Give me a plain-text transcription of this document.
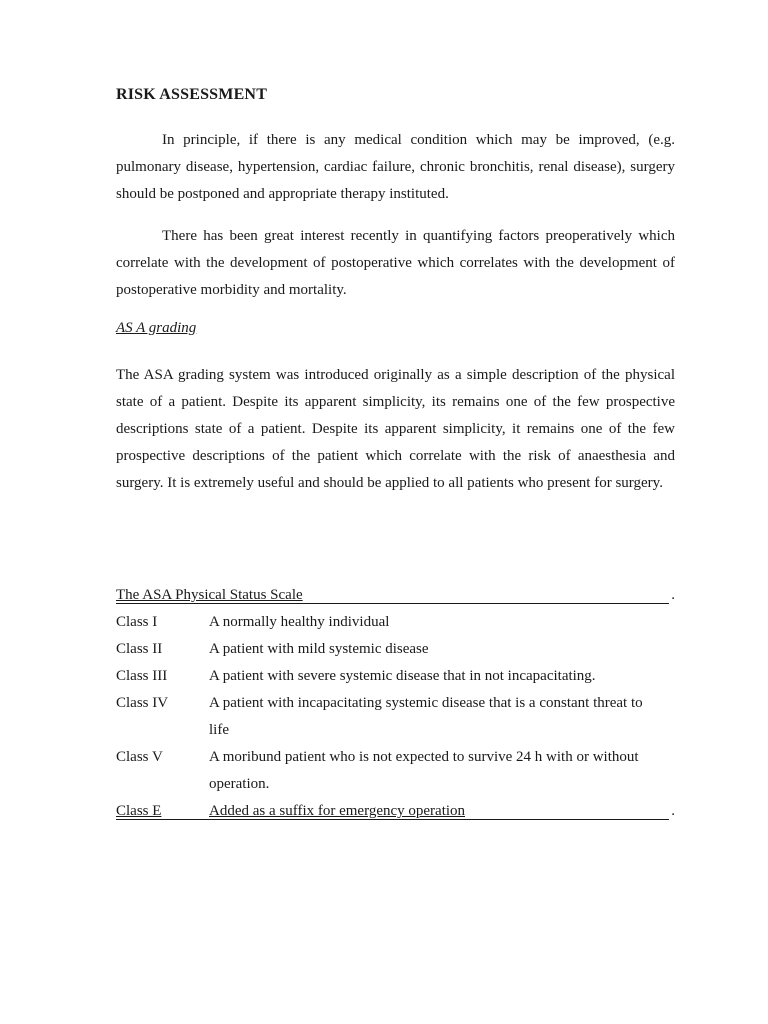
RISK ASSESSMENT

In principle, if there is any medical condition which may be improved, (e.g. pulmonary disease, hypertension, cardiac failure, chronic bronchitis, renal disease), surgery should be postponed and appropriate therapy instituted.

There has been great interest recently in quantifying factors preoperatively which correlate with the development of postoperative which correlates with the development of postoperative morbidity and mortality.

AS A grading

The ASA grading system was introduced originally as a simple description of the physical state of a patient. Despite its apparent simplicity, its remains one of the few prospective descriptions state of a patient. Despite its apparent simplicity, it remains one of the few prospective descriptions of the patient which correlate with the risk of anaesthesia and surgery. It is extremely useful and should be applied to all patients who present for surgery.

The ASA Physical Status Scale	.
Class I	A normally healthy individual
Class II	A patient with mild systemic disease
Class III	A patient with severe systemic disease that in not incapacitating.
Class IV	A patient with incapacitating systemic disease that is a constant threat to life
Class V	A moribund patient who is not expected to survive 24 h with or without operation.
Class E	Added as a suffix for emergency operation	.
